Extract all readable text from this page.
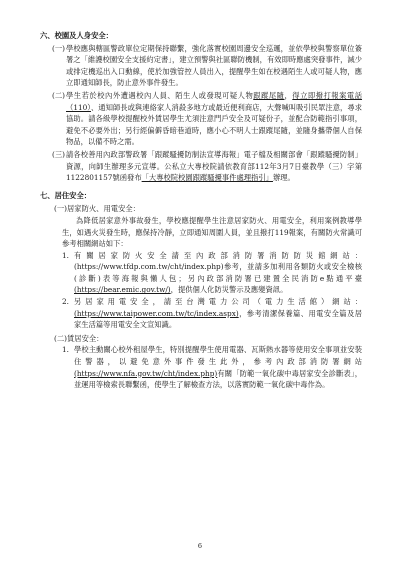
六、校園及人身安全：
(一) 學校應與轄區警政單位定期保持聯繫，強化落實校園周邊安全巡邏，並依學校與警察單位簽署之「維護校園安全支援約定書」，建立預警與社區聯防機制，有效即時應處突發事件，減少或排定機巡出入口動線，使於加強管控人員出入，提醒學生如在校遇陌生人或可疑人物，應立即通知師長，防止意外事件發生。
(二) 學生若於校內外遭遇校內人員、陌生人或發現可疑人物跟蹤尾隨，得立即撥打報案電話（110）、通知師長或與連絡家人消殺多地方或最近便利商店，大聲喊叫吸引民眾注意，尋求協助。請各級學校提醒校外賃居學生尤須注意門戶安全及可疑份子，並配合防範指引事項，避免不必要外出；另行經偏僻昏暗巷道時，應小心不明人士跟蹤尾隨，並隨身攜帶個人自保物品，以備不時之需。
(三) 請各校善用內政部警政署「跟蹤騷擾防制法宣導海報」電子檔及相關部會「跟蹤騷擾防制」資源，向師生辦理多元宣導。公私立大專校院請依教育部112年3月7日臺教學（三）字第1122801157號函發布「大專校院校園跟蹤騷擾事件處理指引」辦理。
七、居住安全：
(一)居家防火、用電安全：
為降低居家意外事故發生，學校應提醒學生注意居家防火、用電安全，利用案例教導學生，如遇火災發生時，應保持冷靜，立即通知周圍人員，並且撥打119報案，有關防火常識可參考相關網站如下：
1. 有關居家防火安全請至內政部消防署消防防災館網站：(https://www.tfdp.com.tw/cht/index.php)參考，並請多加利用各類防火或安全檢核(診斷)表等海報與懶人包；另內政部消防署已建置全民消防e點通平臺(https://bear.emic.gov.tw/)，提供個人化防災警示及應變資訊。
2. 另居家用電安全，請至台灣電力公司（電力生活館）網站：(https://www.taipower.com.tw/tc/index.aspx)，參考清潔保養篇、用電安全篇及居家生活篇等用電安全文宣知識。
(二)賃居安全：
1. 學校主動關心校外租屋學生，特別提醒學生使用電器、瓦斯熱水器等使用安全事項並安裝住警器，以避免意外事件發生此外，參考內政部消防署網站(https://www.nfa.gov.tw/cht/index.php)有關「防範一氧化碳中毒居家安全診斷表」，並運用等檢索長聯繫函，使學生了解檢查方法，以落實防範一氧化碳中毒作為。
6
